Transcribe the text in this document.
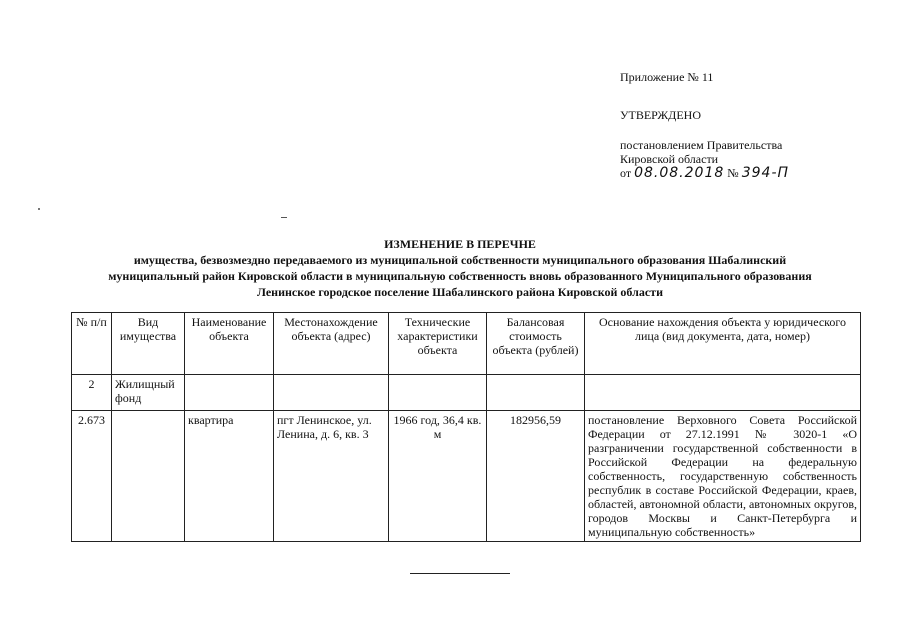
Приложение № 11
УТВЕРЖДЕНО
постановлением Правительства
Кировской области
от 08.08.2018 № 394-П
ИЗМЕНЕНИЕ В ПЕРЕЧНЕ
имущества, безвозмездно передаваемого из муниципальной собственности муниципального образования Шабалинский
муниципальный район Кировской области в муниципальную собственность вновь образованного Муниципального образования
Ленинское городское поселение Шабалинского района Кировской области
№ п/п	Вид имущества	Наименование объекта	Местонахождение объекта (адрес)	Технические характеристики объекта	Балансовая стоимость объекта (рублей)	Основание нахождения объекта у юридического лица (вид документа, дата, номер)
2	Жилищный фонд					
2.673		квартира	пгт Ленинское, ул. Ленина, д. 6, кв. 3	1966 год, 36,4 кв. м	182956,59	постановление Верховного Совета Российской Федерации от 27.12.1991 № 3020-1 «О разграничении государственной собственности в Российской Федерации на федеральную собственность, государственную собственность республик в составе Российской Федерации, краев, областей, автономной области, автономных округов, городов Москвы и Санкт-Петербурга и муниципальную собственность»
